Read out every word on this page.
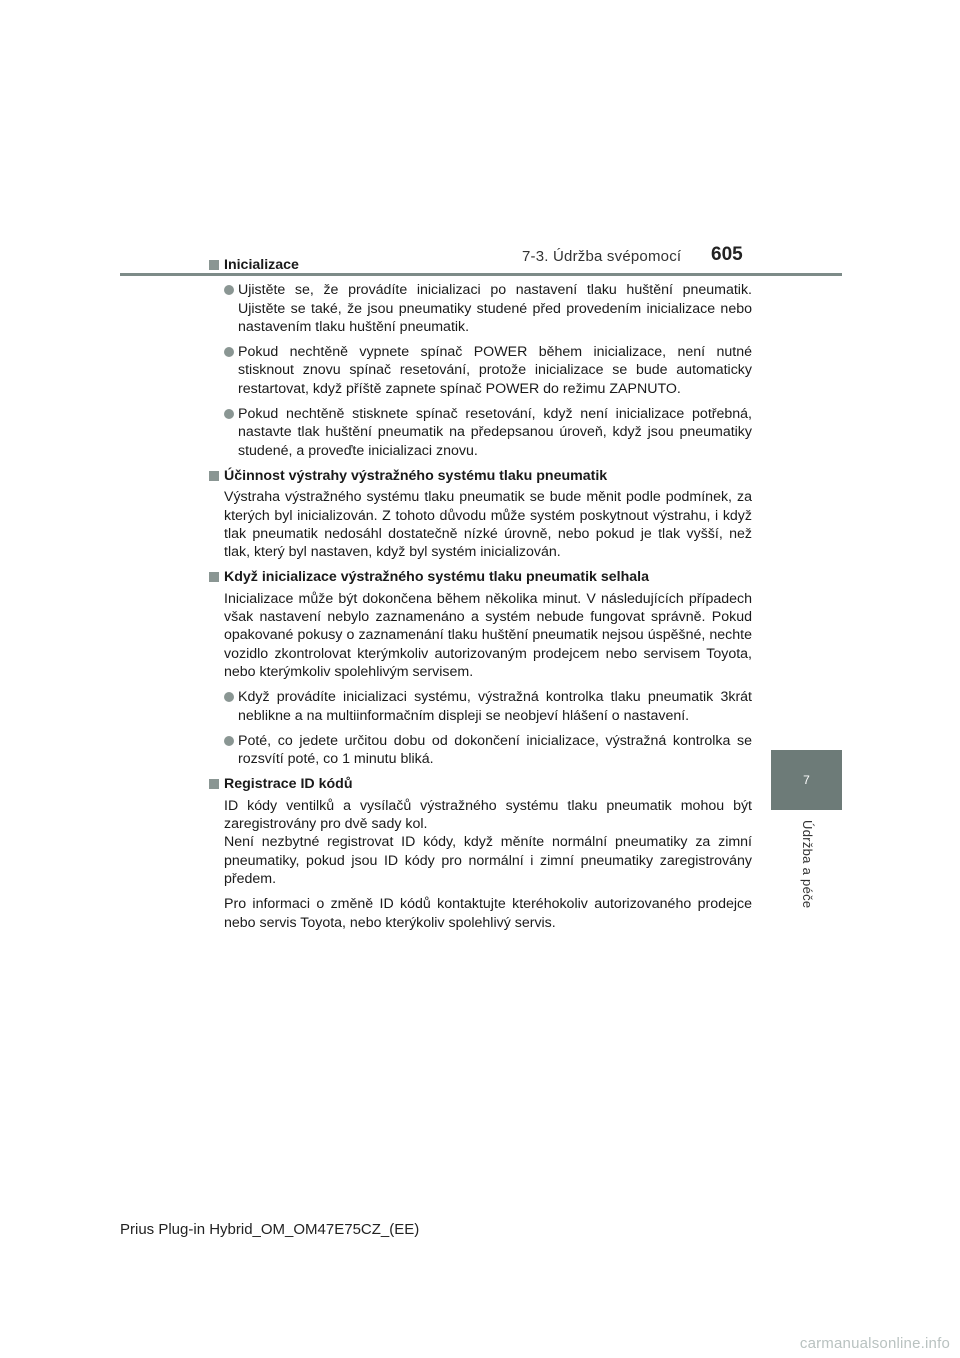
7-3. Údržba svépomocí 605
7
Údržba a péče
Inicializace
Ujistěte se, že provádíte inicializaci po nastavení tlaku huštění pneumatik. Ujistěte se také, že jsou pneumatiky studené před provedením inicializace nebo nastavením tlaku huštění pneumatik.
Pokud nechtěně vypnete spínač POWER během inicializace, není nutné stisknout znovu spínač resetování, protože inicializace se bude automaticky restartovat, když příště zapnete spínač POWER do režimu ZAPNUTO.
Pokud nechtěně stisknete spínač resetování, když není inicializace potřebná, nastavte tlak huštění pneumatik na předepsanou úroveň, když jsou pneumatiky studené, a proveďte inicializaci znovu.
Účinnost výstrahy výstražného systému tlaku pneumatik
Výstraha výstražného systému tlaku pneumatik se bude měnit podle podmínek, za kterých byl inicializován. Z tohoto důvodu může systém poskytnout výstrahu, i když tlak pneumatik nedosáhl dostatečně nízké úrovně, nebo pokud je tlak vyšší, než tlak, který byl nastaven, když byl systém inicializován.
Když inicializace výstražného systému tlaku pneumatik selhala
Inicializace může být dokončena během několika minut. V následujících případech však nastavení nebylo zaznamenáno a systém nebude fungovat správně. Pokud opakované pokusy o zaznamenání tlaku huštění pneumatik nejsou úspěšné, nechte vozidlo zkontrolovat kterýmkoliv autorizovaným prodejcem nebo servisem Toyota, nebo kterýmkoliv spolehlivým servisem.
Když provádíte inicializaci systému, výstražná kontrolka tlaku pneumatik 3krát neblikne a na multiinformačním displeji se neobjeví hlášení o nastavení.
Poté, co jedete určitou dobu od dokončení inicializace, výstražná kontrolka se rozsvítí poté, co 1 minutu bliká.
Registrace ID kódů
ID kódy ventilků a vysílačů výstražného systému tlaku pneumatik mohou být zaregistrovány pro dvě sady kol.
Není nezbytné registrovat ID kódy, když měníte normální pneumatiky za zimní pneumatiky, pokud jsou ID kódy pro normální i zimní pneumatiky zaregistrovány předem.
Pro informaci o změně ID kódů kontaktujte kteréhokoliv autorizovaného prodejce nebo servis Toyota, nebo kterýkoliv spolehlivý servis.
Prius Plug-in Hybrid_OM_OM47E75CZ_(EE)
carmanualsonline.info
